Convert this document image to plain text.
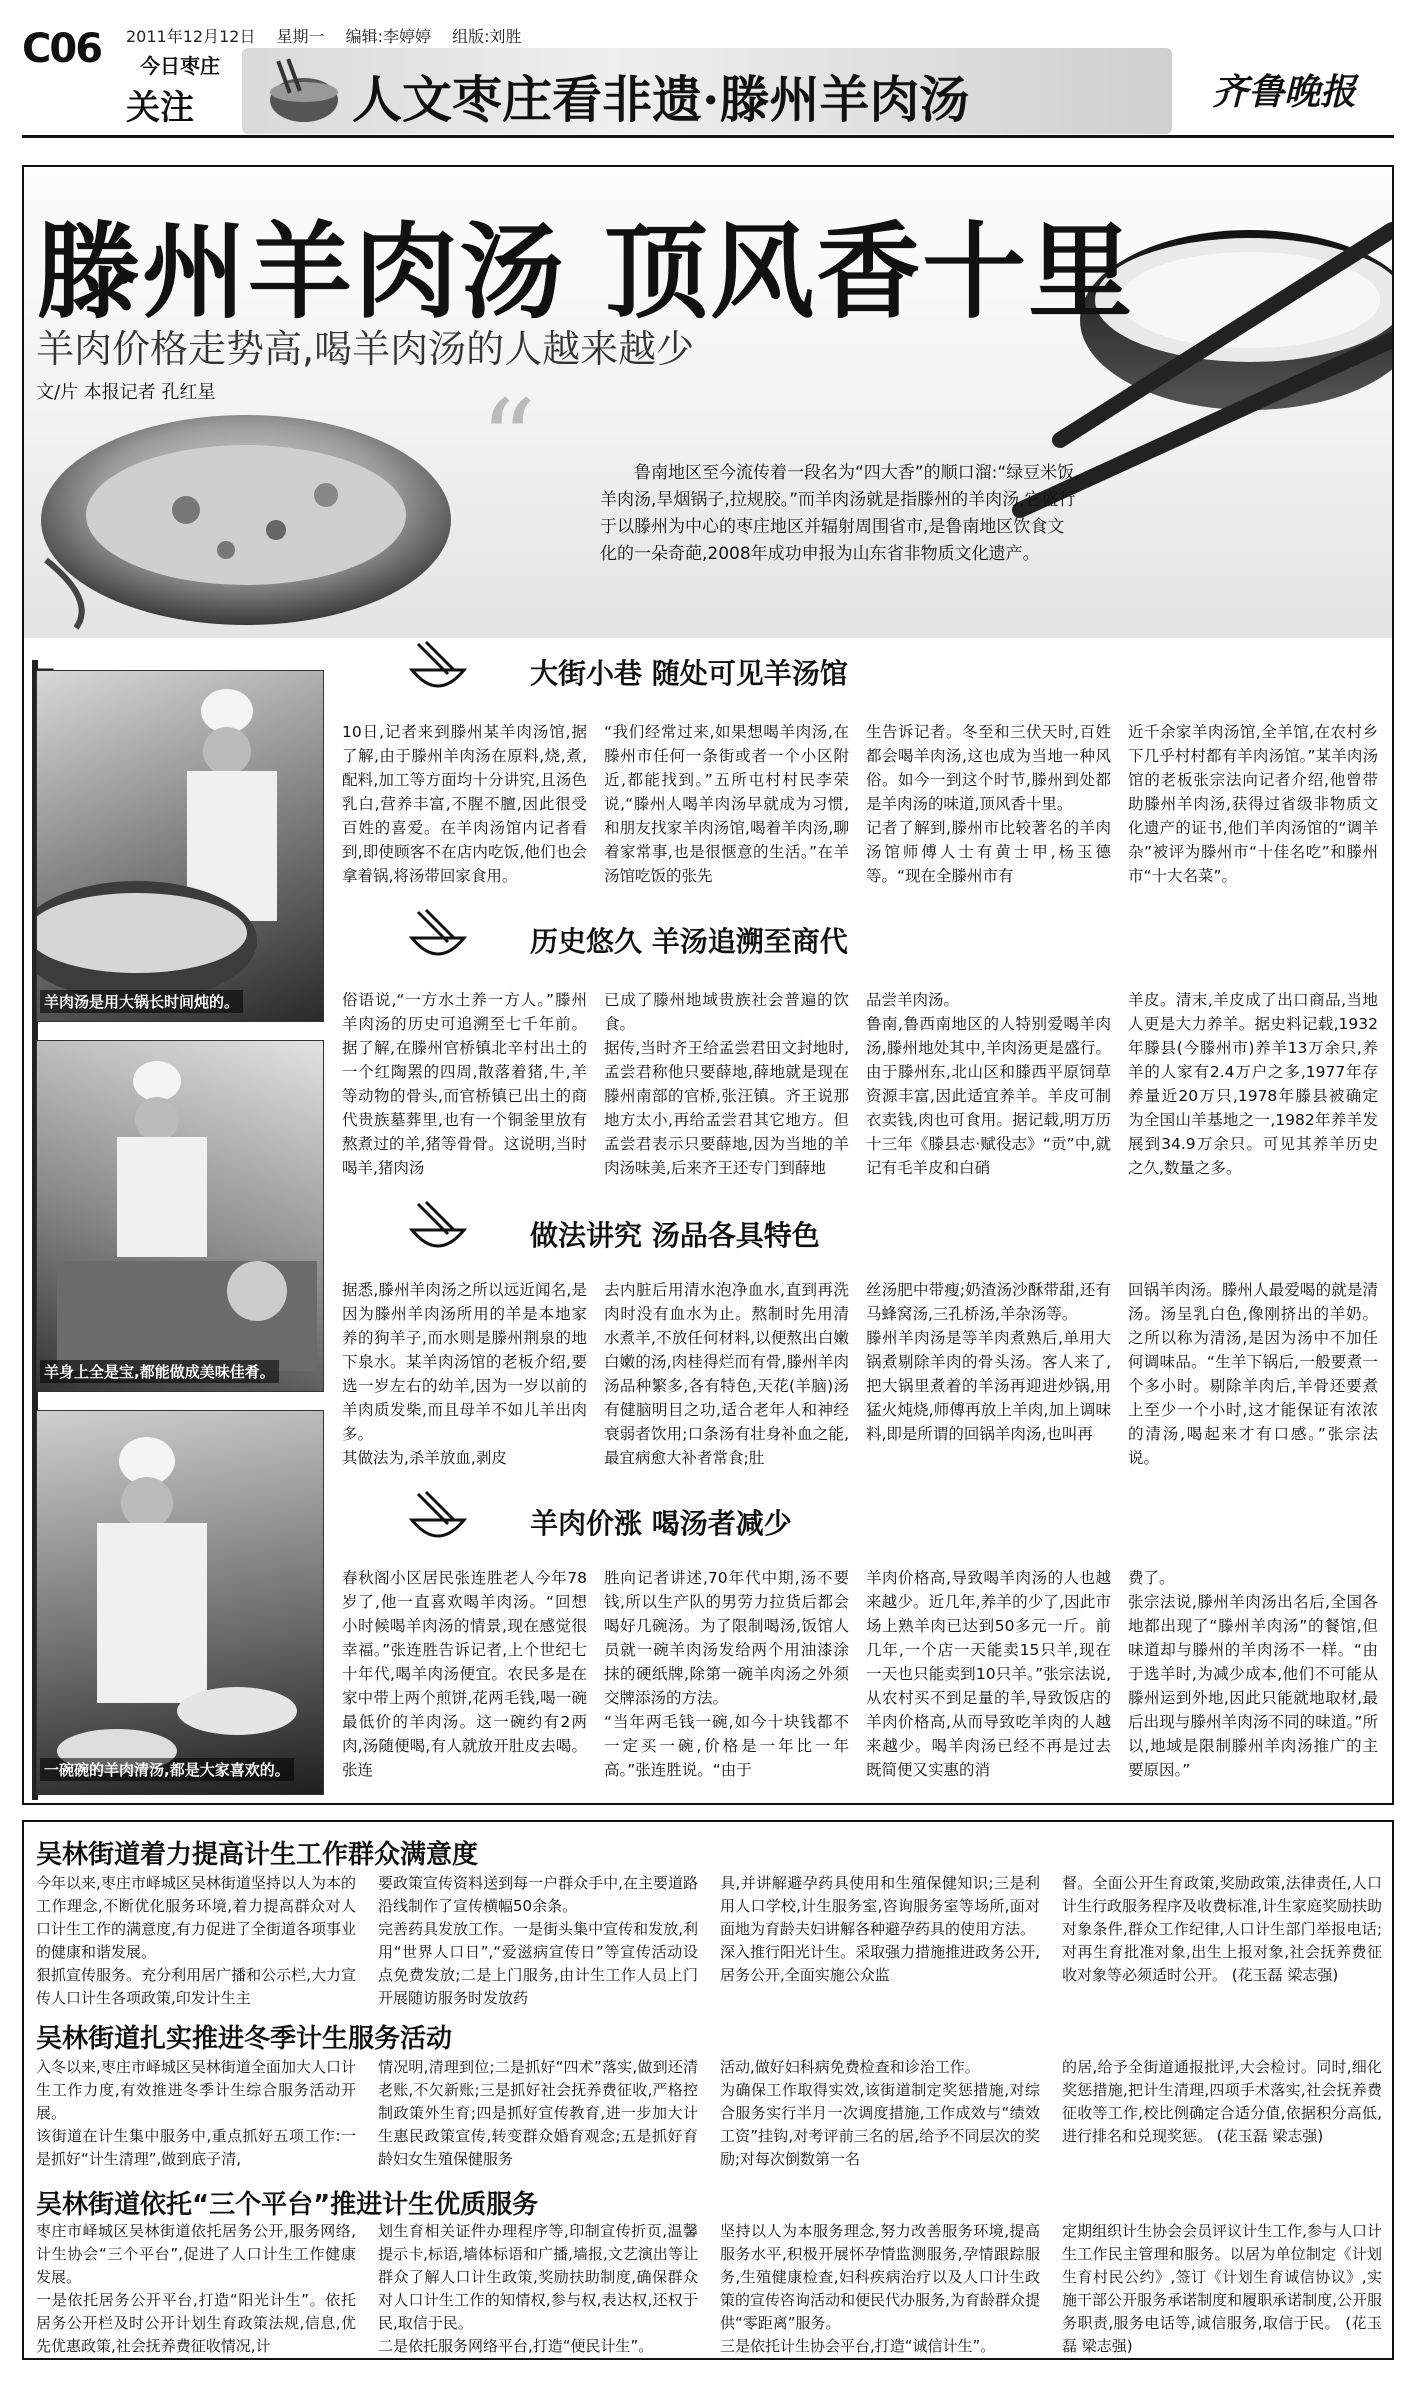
C06 2011年12月12日 星期一 编辑:李婷婷 组版:刘胜
今日枣庄
关注	人文枣庄看非遗·滕州羊肉汤	齐鲁晚报
滕州羊肉汤 顶风香十里
羊肉价格走势高,喝羊肉汤的人越来越少
文/片 本报记者 孔红星 “	鲁南地区至今流传着一段名为“四大香”的顺口溜:“绿豆米饭,羊肉汤,旱烟锅子,拉规胶。”而羊肉汤就是指滕州的羊肉汤,它盛行于以滕州为中心的枣庄地区并辐射周围省市,是鲁南地区饮食文化的一朵奇葩,2008年成功申报为山东省非物质文化遗产。
羊肉汤是用大锅长时间炖的。
羊身上全是宝,都能做成美味佳肴。
一碗碗的羊肉清汤,都是大家喜欢的。
大街小巷 随处可见羊汤馆
历史悠久 羊汤追溯至商代
做法讲究 汤品各具特色
羊肉价涨 喝汤者减少
10日,记者来到滕州某羊肉汤馆,据了解,由于滕州羊肉汤在原料,烧,煮,配料,加工等方面均十分讲究,且汤色乳白,营养丰富,不腥不膻,因此很受百姓的喜爱。在羊肉汤馆内记者看到,即使顾客不在店内吃饭,他们也会拿着锅,将汤带回家食用。
“我们经常过来,如果想喝羊肉汤,在滕州市任何一条街或者一个小区附近,都能找到。”五所屯村村民李荣说,“滕州人喝羊肉汤早就成为习惯,和朋友找家羊肉汤馆,喝着羊肉汤,聊着家常事,也是很惬意的生活。”在羊汤馆吃饭的张先
生告诉记者。冬至和三伏天时,百姓都会喝羊肉汤,这也成为当地一种风俗。如今一到这个时节,滕州到处都是羊肉汤的味道,顶风香十里。
记者了解到,滕州市比较著名的羊肉汤馆师傅人士有黄士甲,杨玉德等。“现在全滕州市有
近千余家羊肉汤馆,全羊馆,在农村乡下几乎村村都有羊肉汤馆。”某羊肉汤馆的老板张宗法向记者介绍,他曾带助滕州羊肉汤,获得过省级非物质文化遗产的证书,他们羊肉汤馆的“调羊杂”被评为滕州市“十佳名吃”和滕州市“十大名菜”。
俗语说,“一方水土养一方人。”滕州羊肉汤的历史可追溯至七千年前。据了解,在滕州官桥镇北辛村出土的一个红陶罴的四周,散落着猪,牛,羊等动物的骨头,而官桥镇已出土的商代贵族墓葬里,也有一个铜釜里放有熬煮过的羊,猪等骨骨。这说明,当时喝羊,猪肉汤
已成了滕州地域贵族社会普遍的饮食。
据传,当时齐王给孟尝君田文封地时,孟尝君称他只要薛地,薛地就是现在滕州南部的官桥,张汪镇。齐王说那地方太小,再给孟尝君其它地方。但孟尝君表示只要薛地,因为当地的羊肉汤味美,后来齐王还专门到薛地
品尝羊肉汤。
鲁南,鲁西南地区的人特别爱喝羊肉汤,滕州地处其中,羊肉汤更是盛行。由于滕州东,北山区和滕西平原饲草资源丰富,因此适宜养羊。羊皮可制衣卖钱,肉也可食用。据记载,明万历十三年《滕县志·赋役志》“贡”中,就记有毛羊皮和白硝
羊皮。清末,羊皮成了出口商品,当地人更是大力养羊。据史料记载,1932年滕县(今滕州市)养羊13万余只,养羊的人家有2.4万户之多,1977年存养量近20万只,1978年滕县被确定为全国山羊基地之一,1982年养羊发展到34.9万余只。可见其养羊历史之久,数量之多。
据悉,滕州羊肉汤之所以远近闻名,是因为滕州羊肉汤所用的羊是本地家养的狗羊子,而水则是滕州荆泉的地下泉水。某羊肉汤馆的老板介绍,要选一岁左右的幼羊,因为一岁以前的羊肉质发柴,而且母羊不如儿羊出肉多。
其做法为,杀羊放血,剥皮
去内脏后用清水泡净血水,直到再洗肉时没有血水为止。熬制时先用清水煮羊,不放任何材料,以便熬出白嫩白嫩的汤,肉桂得烂而有骨,滕州羊肉汤品种繁多,各有特色,天花(羊脑)汤有健脑明目之功,适合老年人和神经衰弱者饮用;口条汤有壮身补血之能,最宜病愈大补者常食;肚
丝汤肥中带瘦;奶渣汤沙酥带甜,还有马蜂窝汤,三孔桥汤,羊杂汤等。
滕州羊肉汤是等羊肉煮熟后,单用大锅煮剔除羊肉的骨头汤。客人来了,把大锅里煮着的羊汤再迎进炒锅,用猛火炖烧,师傅再放上羊肉,加上调味料,即是所谓的回锅羊肉汤,也叫再
回锅羊肉汤。滕州人最爱喝的就是清汤。汤呈乳白色,像刚挤出的羊奶。之所以称为清汤,是因为汤中不加任何调味品。“生羊下锅后,一般要煮一个多小时。剔除羊肉后,羊骨还要煮上至少一个小时,这才能保证有浓浓的清汤,喝起来才有口感。”张宗法说。
春秋阁小区居民张连胜老人今年78岁了,他一直喜欢喝羊肉汤。“回想小时候喝羊肉汤的情景,现在感觉很幸福。”张连胜告诉记者,上个世纪七十年代,喝羊肉汤便宜。农民多是在家中带上两个煎饼,花两毛钱,喝一碗最低价的羊肉汤。这一碗约有2两肉,汤随便喝,有人就放开肚皮去喝。张连
胜向记者讲述,70年代中期,汤不要钱,所以生产队的男劳力拉货后都会喝好几碗汤。为了限制喝汤,饭馆人员就一碗羊肉汤发给两个用油漆涂抹的硬纸牌,除第一碗羊肉汤之外须交牌添汤的方法。
“当年两毛钱一碗,如今十块钱都不一定买一碗,价格是一年比一年高。”张连胜说。“由于
羊肉价格高,导致喝羊肉汤的人也越来越少。近几年,养羊的少了,因此市场上熟羊肉已达到50多元一斤。前几年,一个店一天能卖15只羊,现在一天也只能卖到10只羊。”张宗法说,从农村买不到足量的羊,导致饭店的羊肉价格高,从而导致吃羊肉的人越来越少。喝羊肉汤已经不再是过去既简便又实惠的消
费了。
张宗法说,滕州羊肉汤出名后,全国各地都出现了“滕州羊肉汤”的餐馆,但味道却与滕州的羊肉汤不一样。“由于选羊时,为减少成本,他们不可能从滕州运到外地,因此只能就地取材,最后出现与滕州羊肉汤不同的味道。”所以,地域是限制滕州羊肉汤推广的主要原因。”
吴林街道着力提高计生工作群众满意度
今年以来,枣庄市峄城区吴林街道坚持以人为本的工作理念,不断优化服务环境,着力提高群众对人口计生工作的满意度,有力促进了全街道各项事业的健康和谐发展。
狠抓宣传服务。充分利用居广播和公示栏,大力宣传人口计生各项政策,印发计生主
要政策宣传资料送到每一户群众手中,在主要道路沿线制作了宣传横幅50余条。
完善药具发放工作。一是街头集中宣传和发放,利用“世界人口日”,“爱滋病宣传日”等宣传活动设点免费发放;二是上门服务,由计生工作人员上门开展随访服务时发放药
具,并讲解避孕药具使用和生殖保健知识;三是利用人口学校,计生服务室,咨询服务室等场所,面对面地为育龄夫妇讲解各种避孕药具的使用方法。
深入推行阳光计生。采取强力措施推进政务公开,居务公开,全面实施公众监
督。全面公开生育政策,奖励政策,法律责任,人口计生行政服务程序及收费标准,计生家庭奖励扶助对象条件,群众工作纪律,人口计生部门举报电话;对再生育批准对象,出生上报对象,社会抚养费征收对象等必须适时公开。 (花玉磊 梁志强)
吴林街道扎实推进冬季计生服务活动
入冬以来,枣庄市峄城区吴林街道全面加大人口计生工作力度,有效推进冬季计生综合服务活动开展。
该街道在计生集中服务中,重点抓好五项工作:一是抓好“计生清理”,做到底子清,
情况明,清理到位;二是抓好“四术”落实,做到还清老账,不欠新账;三是抓好社会抚养费征收,严格控制政策外生育;四是抓好宣传教育,进一步加大计生惠民政策宣传,转变群众婚育观念;五是抓好育龄妇女生殖保健服务
活动,做好妇科病免费检查和诊治工作。
为确保工作取得实效,该街道制定奖惩措施,对综合服务实行半月一次调度措施,工作成效与“绩效工资”挂钩,对考评前三名的居,给予不同层次的奖励;对每次倒数第一名
的居,给予全街道通报批评,大会检讨。同时,细化奖惩措施,把计生清理,四项手术落实,社会抚养费征收等工作,校比例确定合适分值,依据积分高低,进行排名和兑现奖惩。 (花玉磊 梁志强)
吴林街道依托“三个平台”推进计生优质服务
枣庄市峄城区吴林街道依托居务公开,服务网络,计生协会“三个平台”,促进了人口计生工作健康发展。
一是依托居务公开平台,打造“阳光计生”。依托居务公开栏及时公开计划生育政策法规,信息,优先优惠政策,社会抚养费征收情况,计
划生育相关证件办理程序等,印制宣传折页,温馨提示卡,标语,墙体标语和广播,墙报,文艺演出等让群众了解人口计生政策,奖励扶助制度,确保群众对人口计生工作的知情权,参与权,表达权,还权于民,取信于民。
二是依托服务网络平台,打造“便民计生”。
坚持以人为本服务理念,努力改善服务环境,提高服务水平,积极开展怀孕情监测服务,孕情跟踪服务,生殖健康检查,妇科疾病治疗以及人口计生政策的宣传咨询活动和便民代办服务,为育龄群众提供“零距离”服务。
三是依托计生协会平台,打造“诚信计生”。
定期组织计生协会会员评议计生工作,参与人口计生工作民主管理和服务。以居为单位制定《计划生育村民公约》,签订《计划生育诚信协议》,实施干部公开服务承诺制度和履职承诺制度,公开服务职责,服务电话等,诚信服务,取信于民。 (花玉磊 梁志强)
